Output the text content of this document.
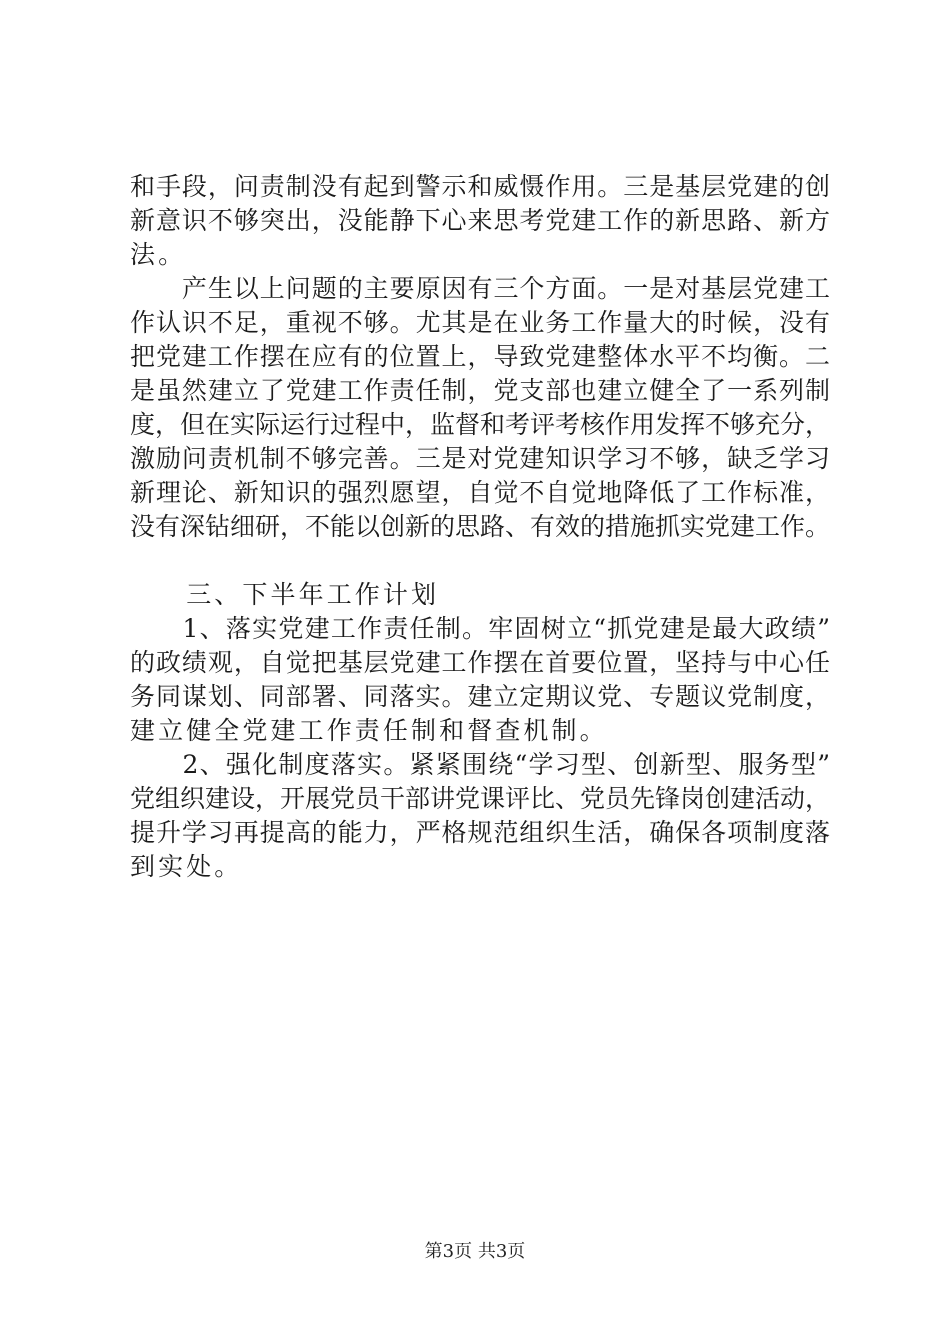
和手段，问责制没有起到警示和威慑作用。三是基层党建的创
新意识不够突出，没能静下心来思考党建工作的新思路、新方
法。
　　产生以上问题的主要原因有三个方面。一是对基层党建工
作认识不足，重视不够。尤其是在业务工作量大的时候，没有
把党建工作摆在应有的位置上，导致党建整体水平不均衡。二
是虽然建立了党建工作责任制，党支部也建立健全了一系列制
度，但在实际运行过程中，监督和考评考核作用发挥不够充分，
激励问责机制不够完善。三是对党建知识学习不够，缺乏学习
新理论、新知识的强烈愿望，自觉不自觉地降低了工作标准，
没有深钻细研，不能以创新的思路、有效的措施抓实党建工作。
　　三、下半年工作计划
　　1、落实党建工作责任制。牢固树立“抓党建是最大政绩”
的政绩观，自觉把基层党建工作摆在首要位置，坚持与中心任
务同谋划、同部署、同落实。建立定期议党、专题议党制度，
建立健全党建工作责任制和督查机制。
　　2、强化制度落实。紧紧围绕“学习型、创新型、服务型”
党组织建设，开展党员干部讲党课评比、党员先锋岗创建活动，
提升学习再提高的能力，严格规范组织生活，确保各项制度落
到实处。
第3页 共3页
